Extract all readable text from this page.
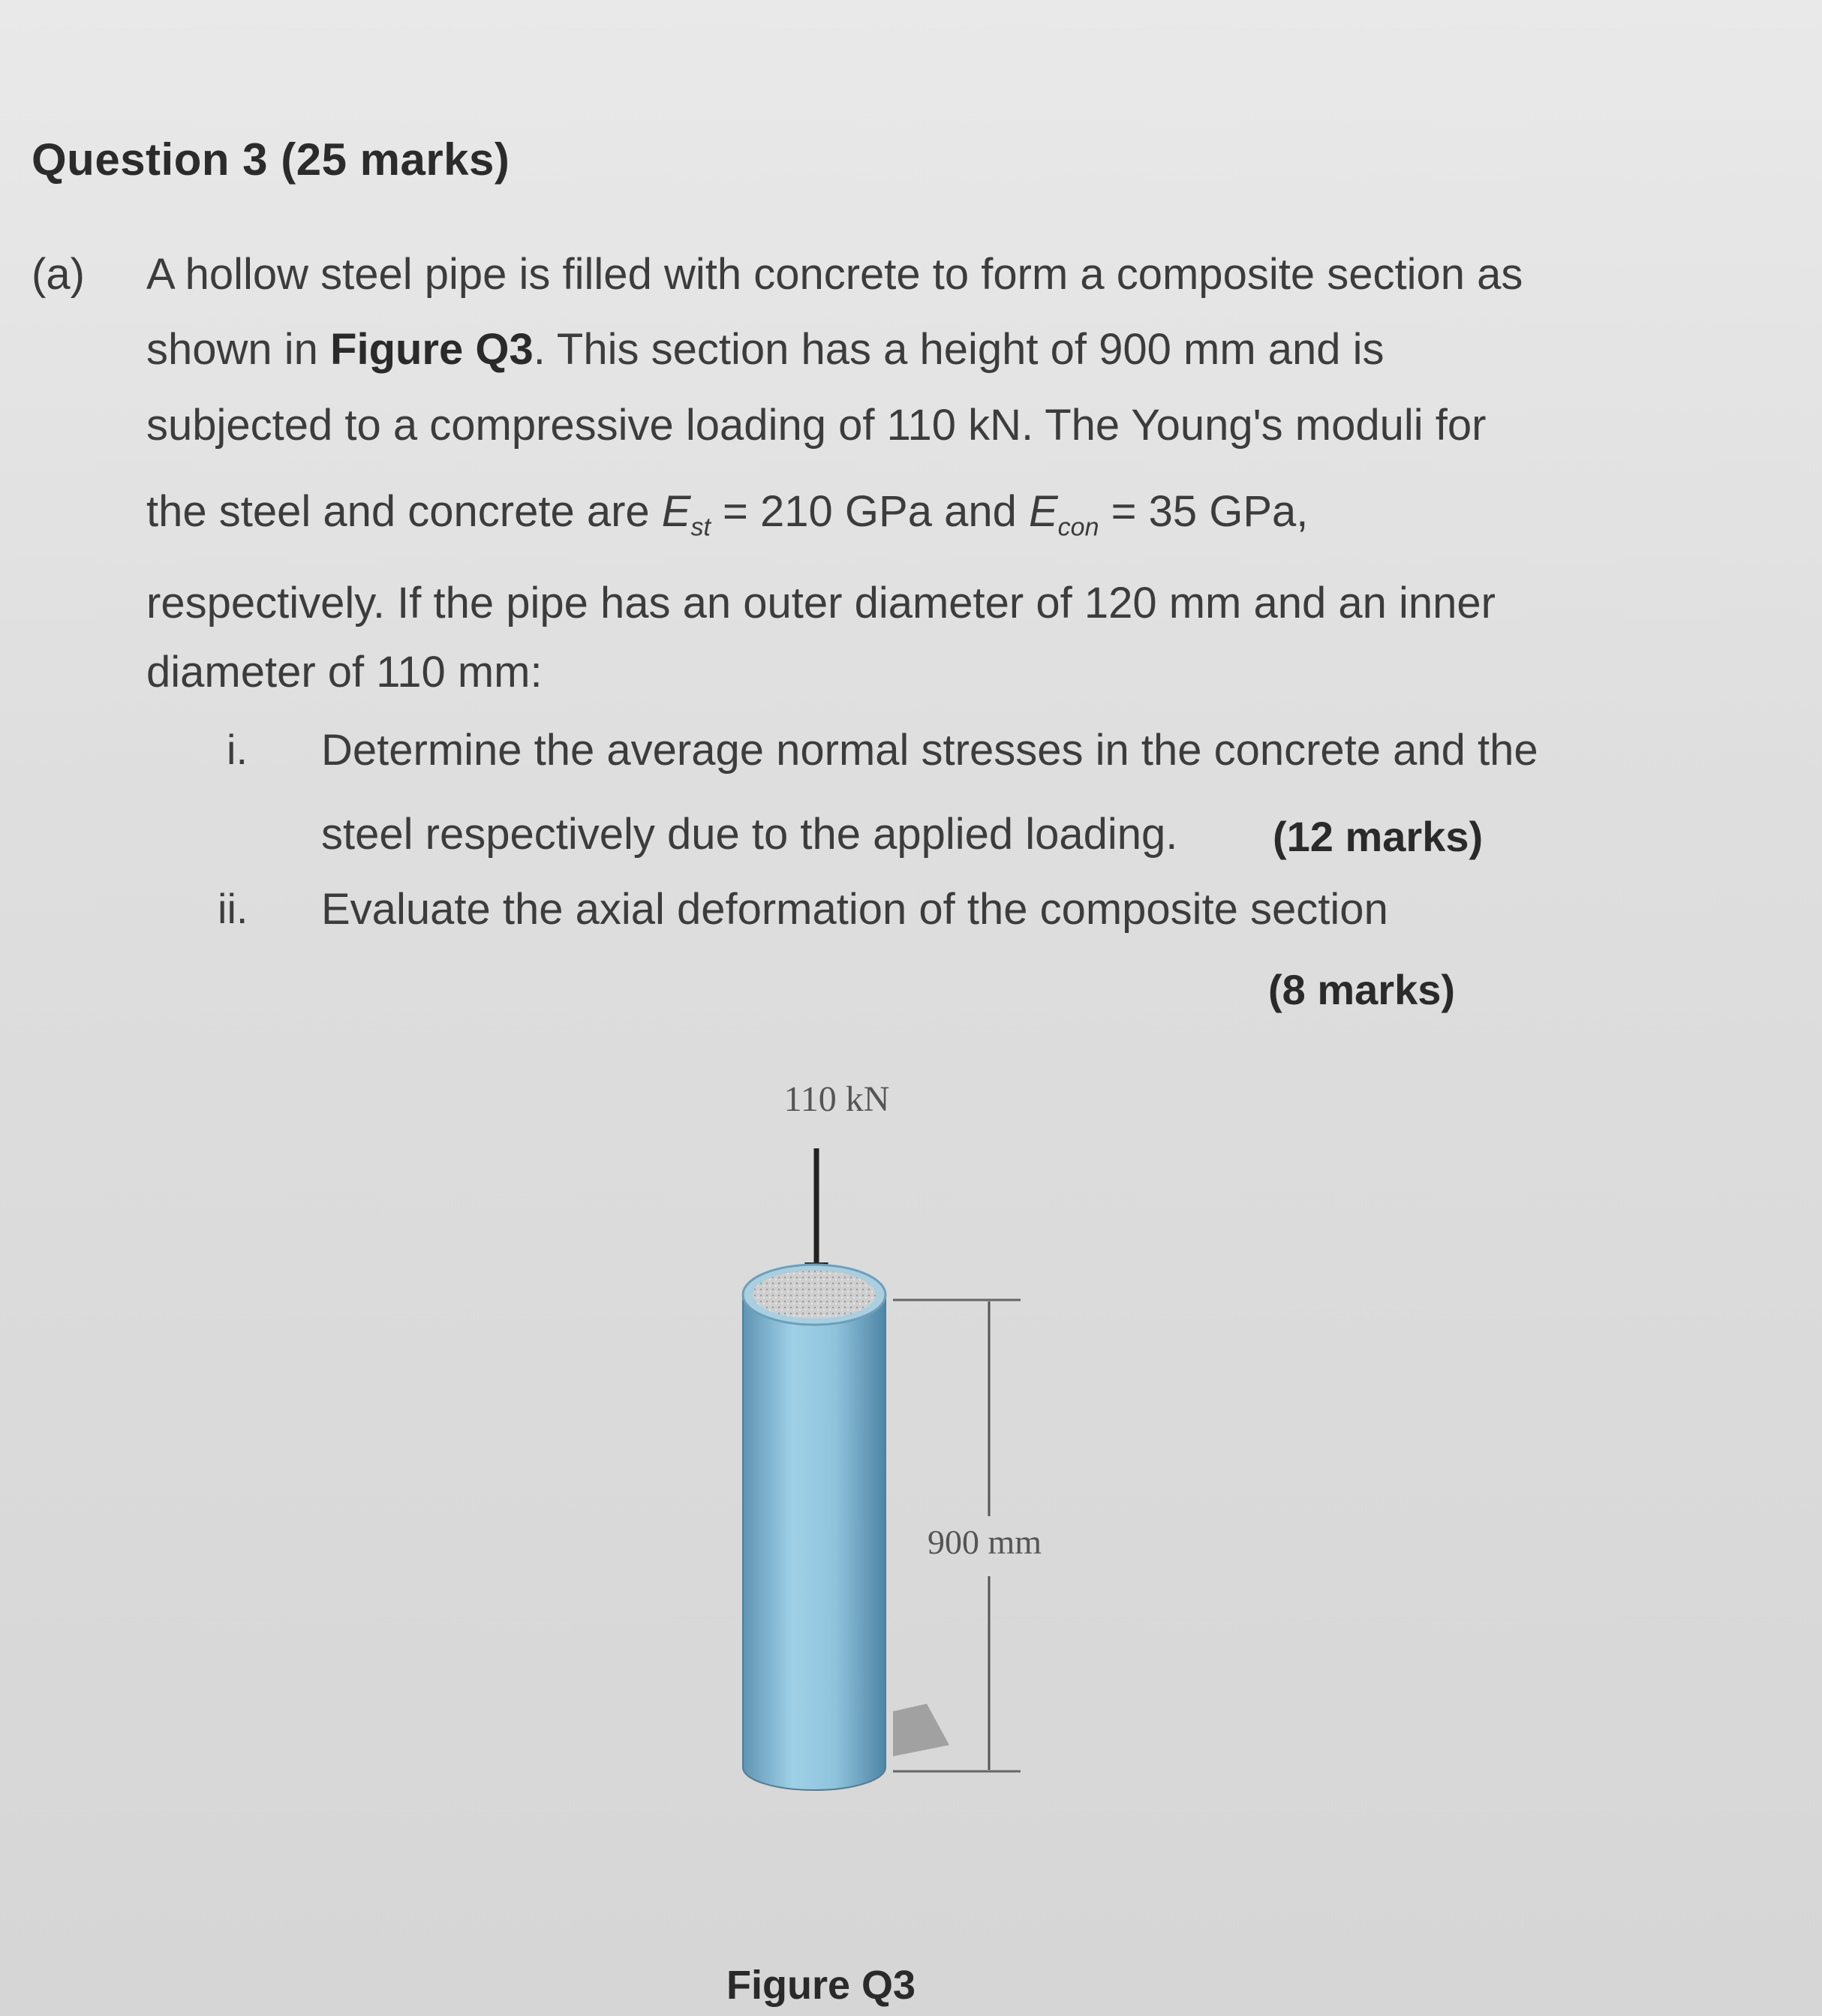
Question 3 (25 marks)
(a) A hollow steel pipe is filled with concrete to form a composite section as
shown in Figure Q3. This section has a height of 900 mm and is
subjected to a compressive loading of 110 kN. The Young's moduli for
the steel and concrete are $E_{st} = 210$ GPa and $E_{con} = 35$ GPa,
respectively. If the pipe has an outer diameter of 120 mm and an inner
diameter of 110 mm:
i. Determine the average normal stresses in the concrete and the
steel respectively due to the applied loading. (12 marks)
ii. Evaluate the axial deformation of the composite section
(8 marks)
110 kN
900 mm
Figure Q3
